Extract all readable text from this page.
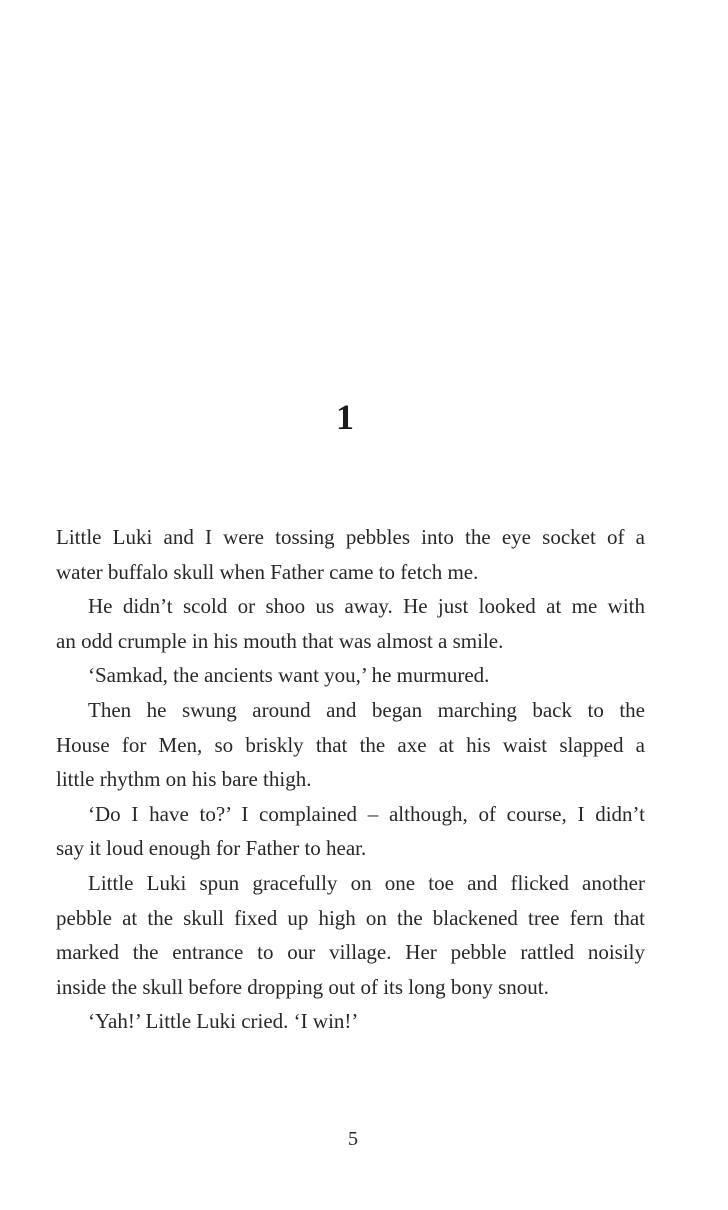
1
Little Luki and I were tossing pebbles into the eye socket of a
water buffalo skull when Father came to fetch me.
He didn’t scold or shoo us away. He just looked at me with
an odd crumple in his mouth that was almost a smile.
‘Samkad, the ancients want you,’ he murmured.
Then he swung around and began marching back to the
House for Men, so briskly that the axe at his waist slapped a
little rhythm on his bare thigh.
‘Do I have to?’ I complained – although, of course, I didn’t
say it loud enough for Father to hear.
Little Luki spun gracefully on one toe and flicked another
pebble at the skull fixed up high on the blackened tree fern that
marked the entrance to our village. Her pebble rattled noisily
inside the skull before dropping out of its long bony snout.
‘Yah!’ Little Luki cried. ‘I win!’
5
